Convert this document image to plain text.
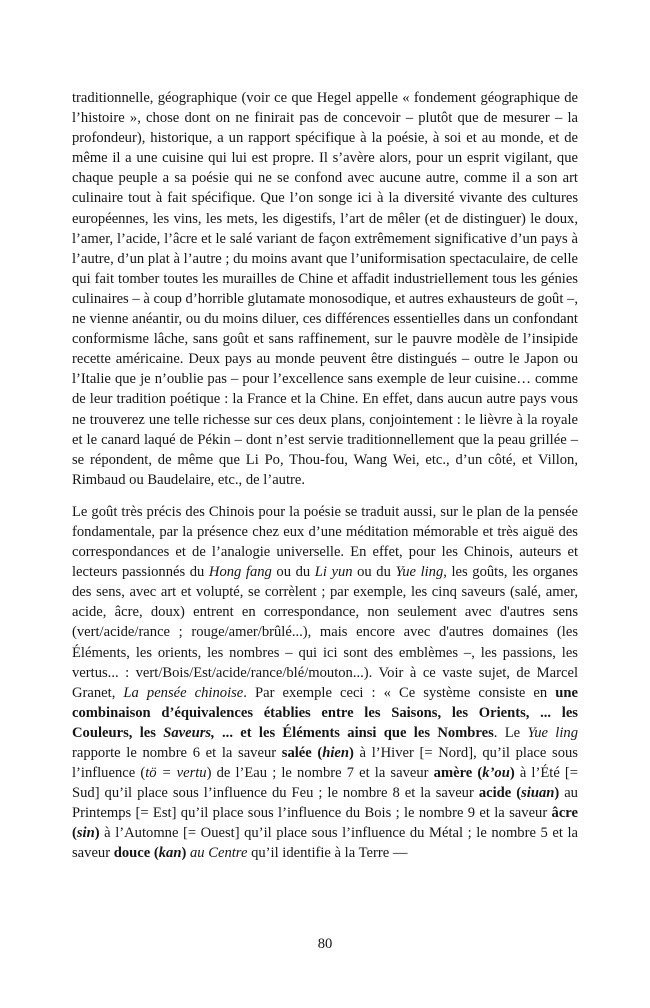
traditionnelle, géographique (voir ce que Hegel appelle « fondement géographique de l’histoire », chose dont on ne finirait pas de concevoir – plutôt que de mesurer – la profondeur), historique, a un rapport spécifique à la poésie, à soi et au monde, et de même il a une cuisine qui lui est propre. Il s’avère alors, pour un esprit vigilant, que chaque peuple a sa poésie qui ne se confond avec aucune autre, comme il a son art culinaire tout à fait spécifique. Que l’on songe ici à la diversité vivante des cultures européennes, les vins, les mets, les digestifs, l’art de mêler (et de distinguer) le doux, l’amer, l’acide, l’âcre et le salé variant de façon extrêmement significative d’un pays à l’autre, d’un plat à l’autre ; du moins avant que l’uniformisation spectaculaire, de celle qui fait tomber toutes les murailles de Chine et affadit industriellement tous les génies culinaires – à coup d’horrible glutamate monosodique, et autres exhausteurs de goût –, ne vienne anéantir, ou du moins diluer, ces différences essentielles dans un confondant conformisme lâche, sans goût et sans raffinement, sur le pauvre modèle de l’insipide recette américaine. Deux pays au monde peuvent être distingués – outre le Japon ou l’Italie que je n’oublie pas – pour l’excellence sans exemple de leur cuisine… comme de leur tradition poétique : la France et la Chine. En effet, dans aucun autre pays vous ne trouverez une telle richesse sur ces deux plans, conjointement : le lièvre à la royale et le canard laqué de Pékin – dont n’est servie traditionnellement que la peau grillée – se répondent, de même que Li Po, Thou-fou, Wang Wei, etc., d’un côté, et Villon, Rimbaud ou Baudelaire, etc., de l’autre.

Le goût très précis des Chinois pour la poésie se traduit aussi, sur le plan de la pensée fondamentale, par la présence chez eux d’une méditation mémorable et très aiguë des correspondances et de l’analogie universelle. En effet, pour les Chinois, auteurs et lecteurs passionnés du Hong fang ou du Li yun ou du Yue ling, les goûts, les organes des sens, avec art et volupté, se corrèlent ; par exemple, les cinq saveurs (salé, amer, acide, âcre, doux) entrent en correspondance, non seulement avec d'autres sens (vert/acide/rance ; rouge/amer/brûlé...), mais encore avec d'autres domaines (les Éléments, les orients, les nombres – qui ici sont des emblèmes –, les passions, les vertus... : vert/Bois/Est/acide/rance/blé/mouton...). Voir à ce vaste sujet, de Marcel Granet, La pensée chinoise. Par exemple ceci : « Ce système consiste en une combinaison d’équivalences établies entre les Saisons, les Orients, ... les Couleurs, les Saveurs, ... et les Éléments ainsi que les Nombres. Le Yue ling rapporte le nombre 6 et la saveur salée (hien) à l’Hiver [= Nord], qu’il place sous l’influence (tö = vertu) de l’Eau ; le nombre 7 et la saveur amère (k’ou) à l’Été [= Sud] qu’il place sous l’influence du Feu ; le nombre 8 et la saveur acide (siuan) au Printemps [= Est] qu’il place sous l’influence du Bois ; le nombre 9 et la saveur âcre (sin) à l’Automne [= Ouest] qu’il place sous l’influence du Métal ; le nombre 5 et la saveur douce (kan) au Centre qu’il identifie à la Terre —

80
